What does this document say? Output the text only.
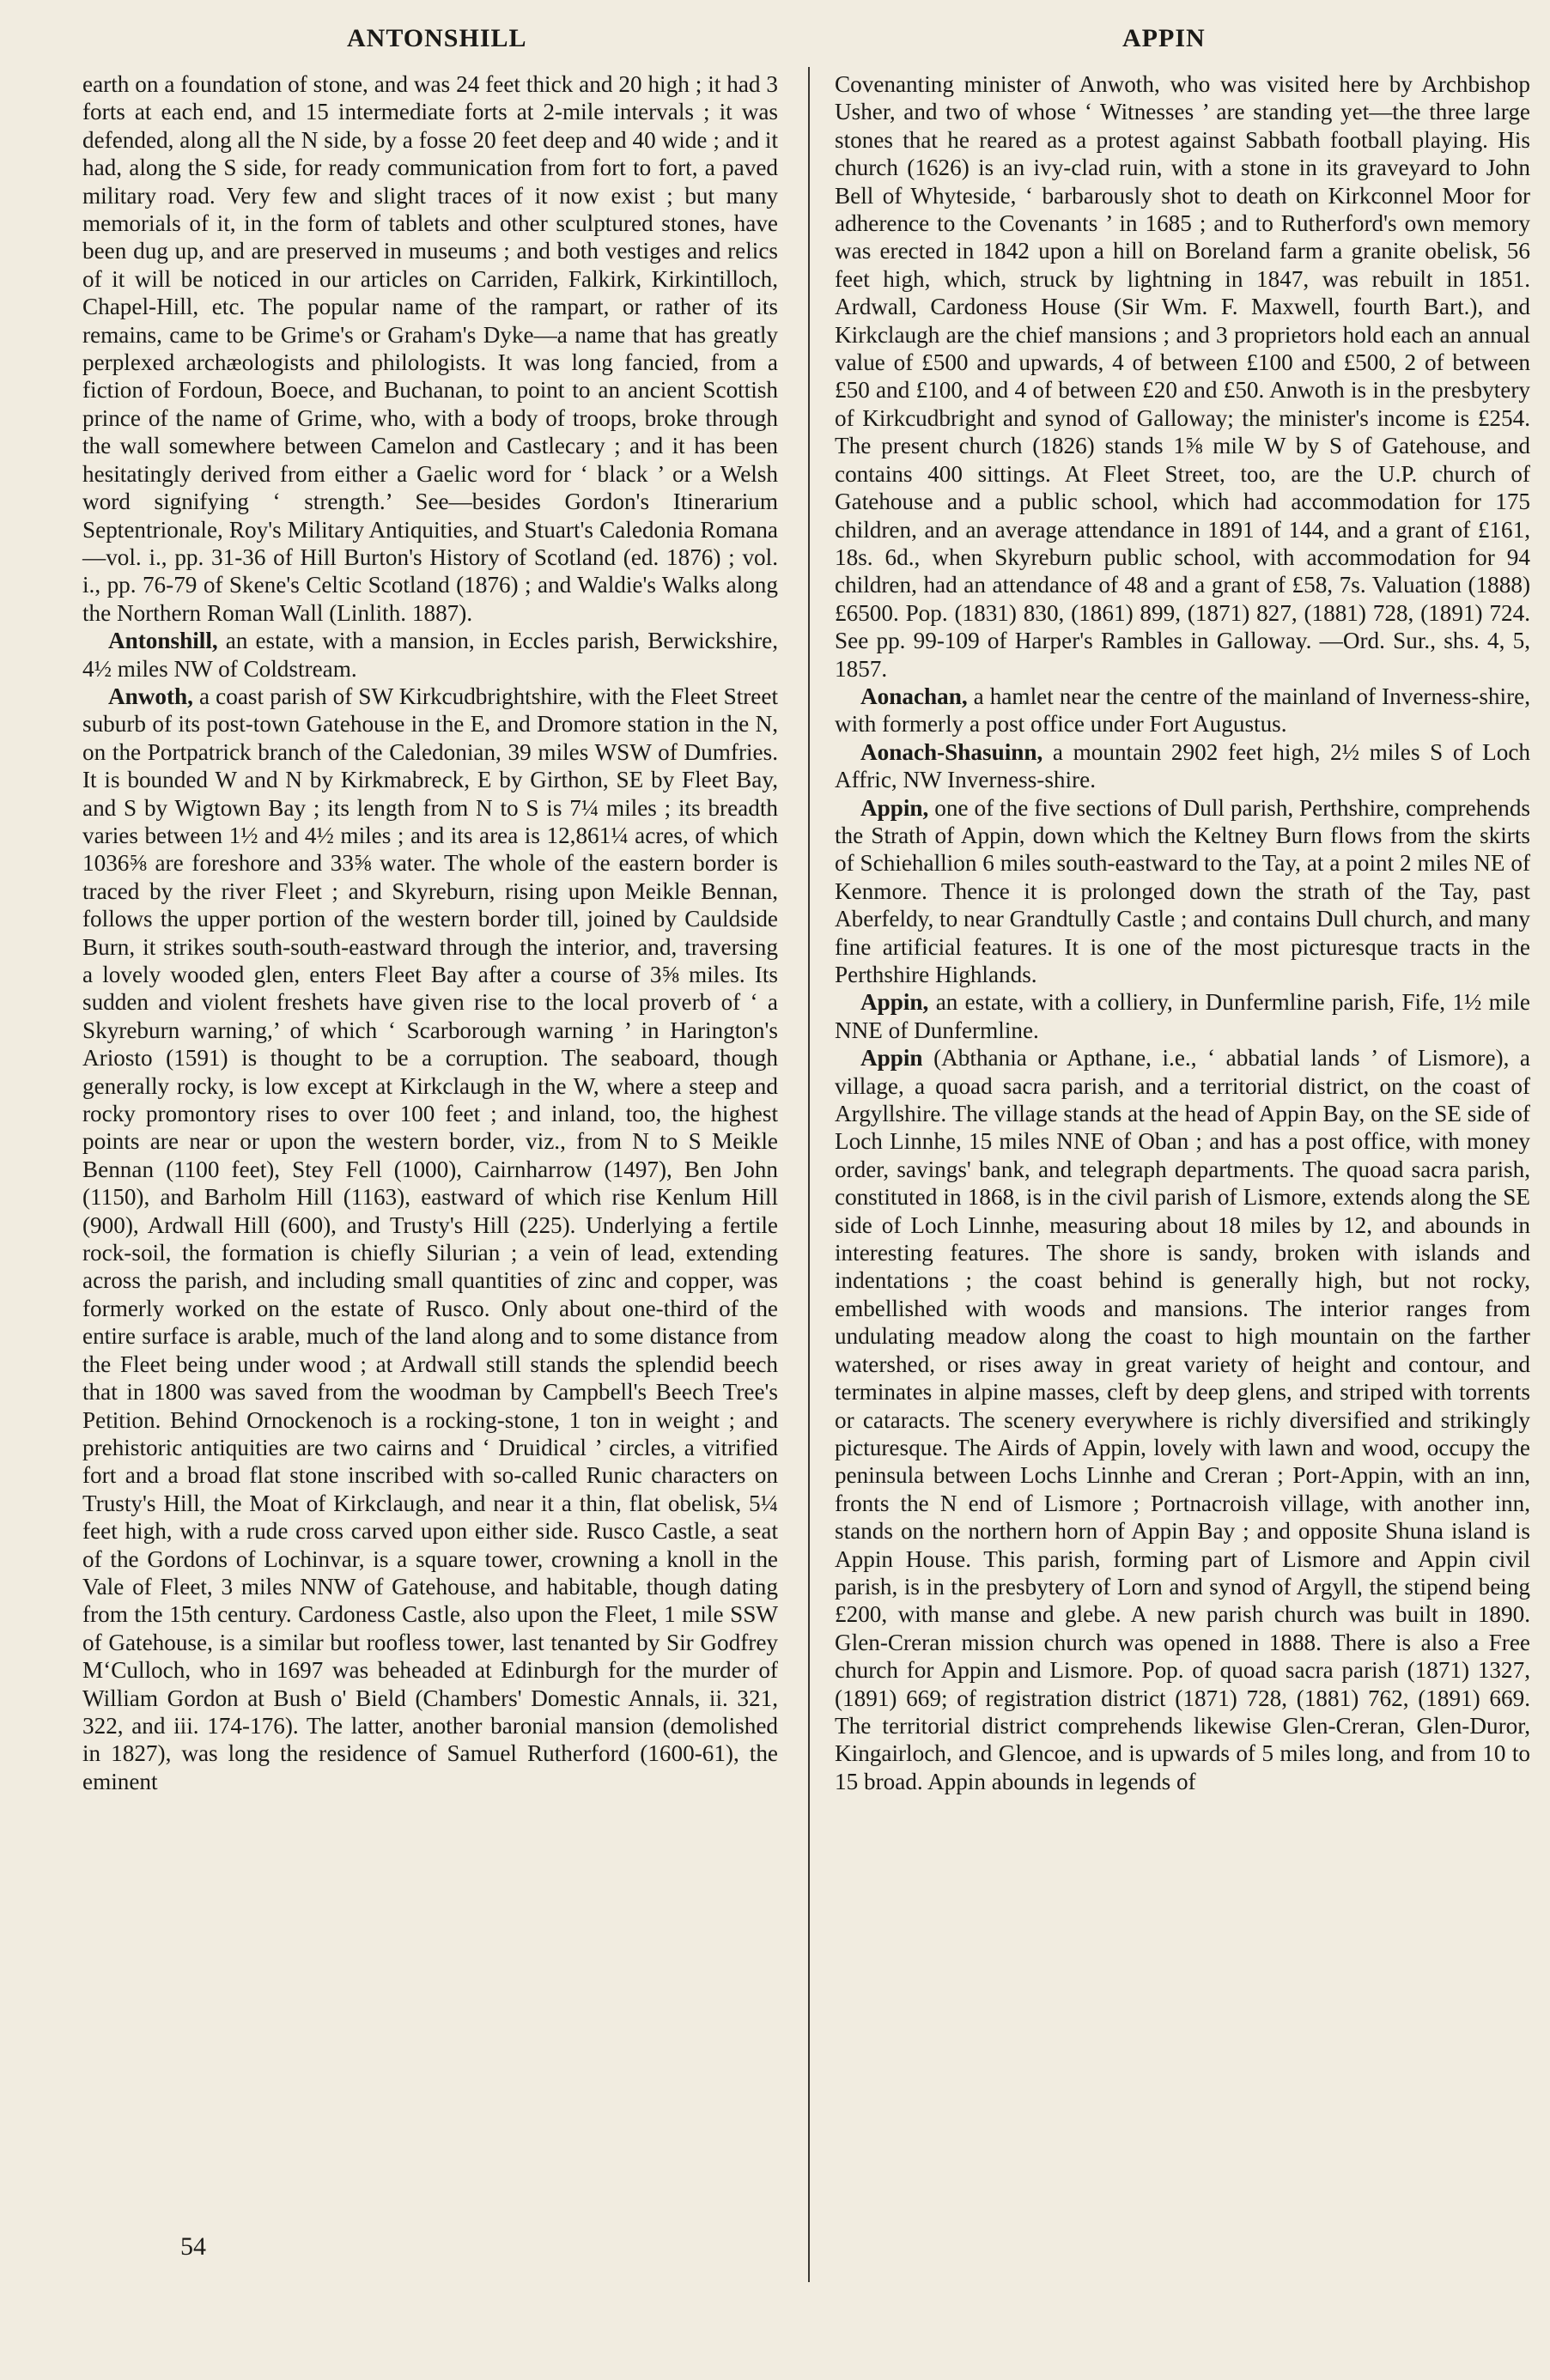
ANTONSHILL	APPIN

earth on a foundation of stone, and was 24 feet thick and 20 high ; it had 3 forts at each end, and 15 intermediate forts at 2-mile intervals ; it was defended, along all the N side, by a fosse 20 feet deep and 40 wide ; and it had, along the S side, for ready communication from fort to fort, a paved military road. Very few and slight traces of it now exist ; but many memorials of it, in the form of tablets and other sculptured stones, have been dug up, and are preserved in museums ; and both vestiges and relics of it will be noticed in our articles on Carriden, Falkirk, Kirkintilloch, Chapel-Hill, etc. The popular name of the rampart, or rather of its remains, came to be Grime's or Graham's Dyke—a name that has greatly perplexed archæologists and philologists. It was long fancied, from a fiction of Fordoun, Boece, and Buchanan, to point to an ancient Scottish prince of the name of Grime, who, with a body of troops, broke through the wall somewhere between Camelon and Castlecary ; and it has been hesitatingly derived from either a Gaelic word for ‘ black ’ or a Welsh word signifying ‘ strength.’ See—besides Gordon's Itinerarium Septentrionale, Roy's Military Antiquities, and Stuart's Caledonia Romana—vol. i., pp. 31-36 of Hill Burton's History of Scotland (ed. 1876) ; vol. i., pp. 76-79 of Skene's Celtic Scotland (1876) ; and Waldie's Walks along the Northern Roman Wall (Linlith. 1887).

Antonshill, an estate, with a mansion, in Eccles parish, Berwickshire, 4½ miles NW of Coldstream.

Anwoth, a coast parish of SW Kirkcudbrightshire, with the Fleet Street suburb of its post-town Gatehouse in the E, and Dromore station in the N, on the Portpatrick branch of the Caledonian, 39 miles WSW of Dumfries. It is bounded W and N by Kirkmabreck, E by Girthon, SE by Fleet Bay, and S by Wigtown Bay ; its length from N to S is 7¼ miles ; its breadth varies between 1½ and 4½ miles ; and its area is 12,861¼ acres, of which 1036⅝ are foreshore and 33⅝ water. The whole of the eastern border is traced by the river Fleet ; and Skyreburn, rising upon Meikle Bennan, follows the upper portion of the western border till, joined by Cauldside Burn, it strikes south-south-eastward through the interior, and, traversing a lovely wooded glen, enters Fleet Bay after a course of 3⅝ miles. Its sudden and violent freshets have given rise to the local proverb of ‘ a Skyreburn warning,’ of which ‘ Scarborough warning ’ in Harington's Ariosto (1591) is thought to be a corruption. The seaboard, though generally rocky, is low except at Kirkclaugh in the W, where a steep and rocky promontory rises to over 100 feet ; and inland, too, the highest points are near or upon the western border, viz., from N to S Meikle Bennan (1100 feet), Stey Fell (1000), Cairnharrow (1497), Ben John (1150), and Barholm Hill (1163), eastward of which rise Kenlum Hill (900), Ardwall Hill (600), and Trusty's Hill (225). Underlying a fertile rock-soil, the formation is chiefly Silurian ; a vein of lead, extending across the parish, and including small quantities of zinc and copper, was formerly worked on the estate of Rusco. Only about one-third of the entire surface is arable, much of the land along and to some distance from the Fleet being under wood ; at Ardwall still stands the splendid beech that in 1800 was saved from the woodman by Campbell's Beech Tree's Petition. Behind Ornockenoch is a rocking-stone, 1 ton in weight ; and prehistoric antiquities are two cairns and ‘ Druidical ’ circles, a vitrified fort and a broad flat stone inscribed with so-called Runic characters on Trusty's Hill, the Moat of Kirkclaugh, and near it a thin, flat obelisk, 5¼ feet high, with a rude cross carved upon either side. Rusco Castle, a seat of the Gordons of Lochinvar, is a square tower, crowning a knoll in the Vale of Fleet, 3 miles NNW of Gatehouse, and habitable, though dating from the 15th century. Cardoness Castle, also upon the Fleet, 1 mile SSW of Gatehouse, is a similar but roofless tower, last tenanted by Sir Godfrey M‘Culloch, who in 1697 was beheaded at Edinburgh for the murder of William Gordon at Bush o' Bield (Chambers' Domestic Annals, ii. 321, 322, and iii. 174-176). The latter, another baronial mansion (demolished in 1827), was long the residence of Samuel Rutherford (1600-61), the eminent

Covenanting minister of Anwoth, who was visited here by Archbishop Usher, and two of whose ‘ Witnesses ’ are standing yet—the three large stones that he reared as a protest against Sabbath football playing. His church (1626) is an ivy-clad ruin, with a stone in its graveyard to John Bell of Whyteside, ‘ barbarously shot to death on Kirkconnel Moor for adherence to the Covenants ’ in 1685 ; and to Rutherford's own memory was erected in 1842 upon a hill on Boreland farm a granite obelisk, 56 feet high, which, struck by lightning in 1847, was rebuilt in 1851. Ardwall, Cardoness House (Sir Wm. F. Maxwell, fourth Bart.), and Kirkclaugh are the chief mansions ; and 3 proprietors hold each an annual value of £500 and upwards, 4 of between £100 and £500, 2 of between £50 and £100, and 4 of between £20 and £50. Anwoth is in the presbytery of Kirkcudbright and synod of Galloway; the minister's income is £254. The present church (1826) stands 1⅝ mile W by S of Gatehouse, and contains 400 sittings. At Fleet Street, too, are the U.P. church of Gatehouse and a public school, which had accommodation for 175 children, and an average attendance in 1891 of 144, and a grant of £161, 18s. 6d., when Skyreburn public school, with accommodation for 94 children, had an attendance of 48 and a grant of £58, 7s. Valuation (1888) £6500. Pop. (1831) 830, (1861) 899, (1871) 827, (1881) 728, (1891) 724. See pp. 99-109 of Harper's Rambles in Galloway. —Ord. Sur., shs. 4, 5, 1857.

Aonachan, a hamlet near the centre of the mainland of Inverness-shire, with formerly a post office under Fort Augustus.

Aonach-Shasuinn, a mountain 2902 feet high, 2½ miles S of Loch Affric, NW Inverness-shire.

Appin, one of the five sections of Dull parish, Perthshire, comprehends the Strath of Appin, down which the Keltney Burn flows from the skirts of Schiehallion 6 miles south-eastward to the Tay, at a point 2 miles NE of Kenmore. Thence it is prolonged down the strath of the Tay, past Aberfeldy, to near Grandtully Castle ; and contains Dull church, and many fine artificial features. It is one of the most picturesque tracts in the Perthshire Highlands.

Appin, an estate, with a colliery, in Dunfermline parish, Fife, 1½ mile NNE of Dunfermline.

Appin (Abthania or Apthane, i.e., ‘ abbatial lands ’ of Lismore), a village, a quoad sacra parish, and a territorial district, on the coast of Argyllshire. The village stands at the head of Appin Bay, on the SE side of Loch Linnhe, 15 miles NNE of Oban ; and has a post office, with money order, savings' bank, and telegraph departments. The quoad sacra parish, constituted in 1868, is in the civil parish of Lismore, extends along the SE side of Loch Linnhe, measuring about 18 miles by 12, and abounds in interesting features. The shore is sandy, broken with islands and indentations ; the coast behind is generally high, but not rocky, embellished with woods and mansions. The interior ranges from undulating meadow along the coast to high mountain on the farther watershed, or rises away in great variety of height and contour, and terminates in alpine masses, cleft by deep glens, and striped with torrents or cataracts. The scenery everywhere is richly diversified and strikingly picturesque. The Airds of Appin, lovely with lawn and wood, occupy the peninsula between Lochs Linnhe and Creran ; Port-Appin, with an inn, fronts the N end of Lismore ; Portnacroish village, with another inn, stands on the northern horn of Appin Bay ; and opposite Shuna island is Appin House. This parish, forming part of Lismore and Appin civil parish, is in the presbytery of Lorn and synod of Argyll, the stipend being £200, with manse and glebe. A new parish church was built in 1890. Glen-Creran mission church was opened in 1888. There is also a Free church for Appin and Lismore. Pop. of quoad sacra parish (1871) 1327, (1891) 669; of registration district (1871) 728, (1881) 762, (1891) 669. The territorial district comprehends likewise Glen-Creran, Glen-Duror, Kingairloch, and Glencoe, and is upwards of 5 miles long, and from 10 to 15 broad. Appin abounds in legends of

54
